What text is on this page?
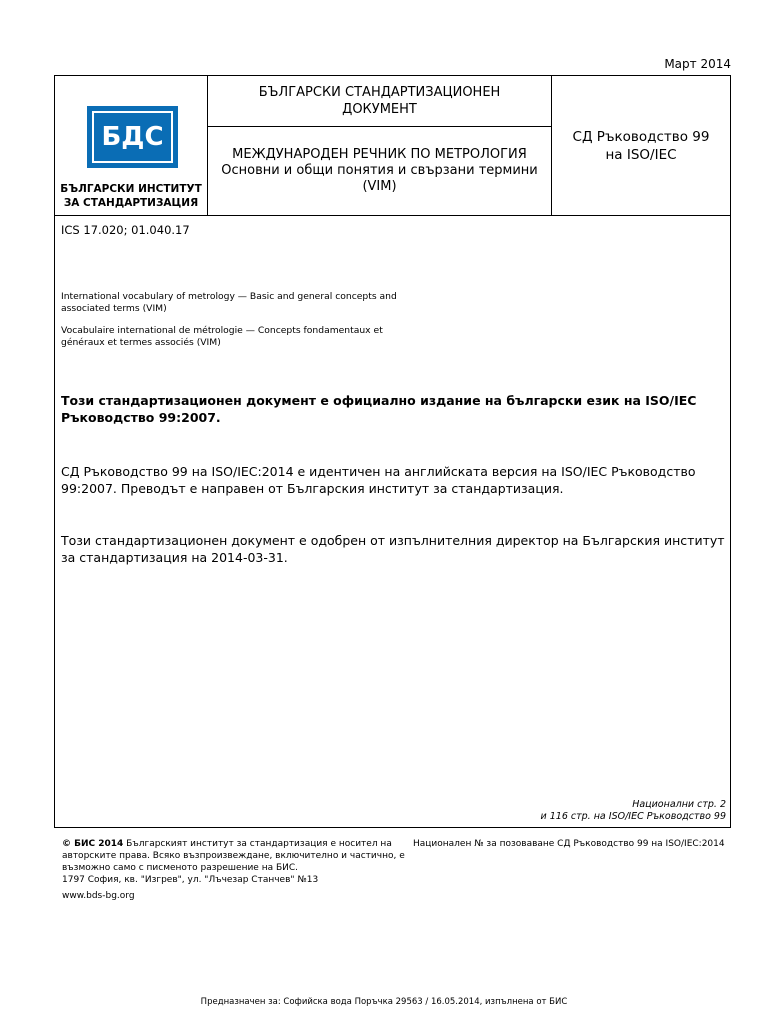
Март 2014
БДС
БЪЛГАРСКИ ИНСТИТУТ
ЗА СТАНДАРТИЗАЦИЯ
БЪЛГАРСКИ СТАНДАРТИЗАЦИОНЕН ДОКУМЕНТ
МЕЖДУНАРОДЕН РЕЧНИК ПО МЕТРОЛОГИЯ
Основни и общи понятия и свързани термини (VIM)
СД Ръководство 99 на ISO/IEC
ICS 17.020; 01.040.17
International vocabulary of metrology — Basic and general concepts and associated terms (VIM)
Vocabulaire international de métrologie — Concepts fondamentaux et généraux et termes associés (VIM)
Този стандартизационен документ е официално издание на български език на ISO/IEC Ръководство 99:2007.
СД Ръководство 99 на ISO/IEC:2014 е идентичен на английската версия на ISO/IEC Ръководство 99:2007. Преводът е направен от Българския институт за стандартизация.
Този стандартизационен документ е одобрен от изпълнителния директор на Българския институт за стандартизация на 2014-03-31.
Национални стр. 2
и 116 стр. на ISO/IEC Ръководство 99
© БИС 2014 Българският институт за стандартизация е носител на авторските права. Всяко възпроизвеждане, включително и частично, е възможно само с писменото разрешение на БИС.
1797 София, кв. "Изгрев", ул. "Лъчезар Станчев" №13
www.bds-bg.org
Национален № за позоваване СД Ръководство 99 на ISO/IEC:2014
Предназначен за: Софийска вода Поръчка 29563 / 16.05.2014, изпълнена от БИС
